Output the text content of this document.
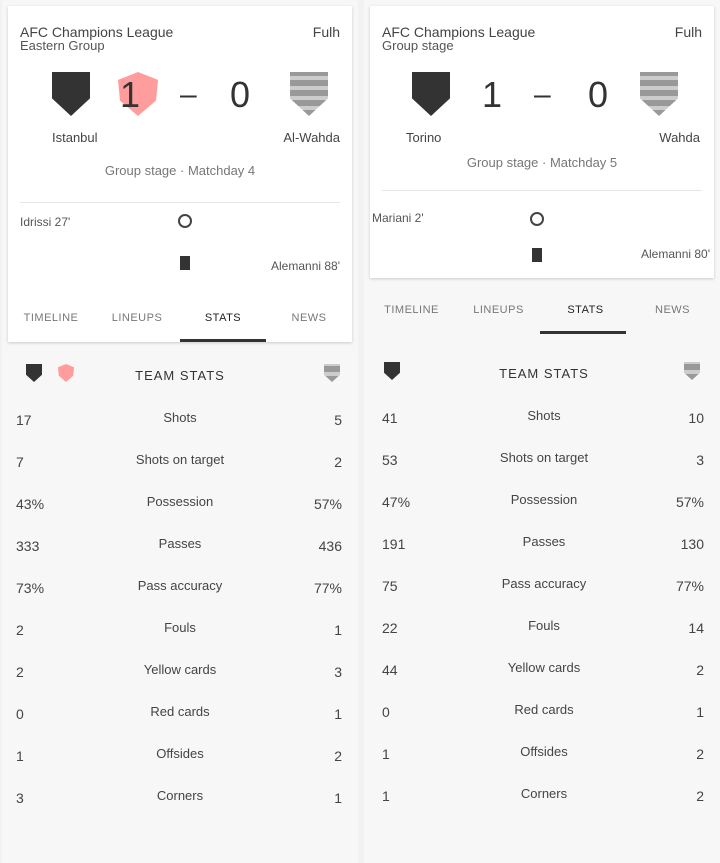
AFC Champions League	Fulh
Eastern Group
1 – 0
Istanbul	Al-Wahda
Group stage · Matchday 4
Idrissi 27'
Alemanni 88'
TIMELINE	LINEUPS	STATS	NEWS
TEAM STATS
17	Shots	5
7	Shots on target	2
43%	Possession	57%
333	Passes	436
73%	Pass accuracy	77%
2	Fouls	1
2	Yellow cards	3
0	Red cards	1
1	Offsides	2
3	Corners	1
AFC Champions League	Fulh
Group stage
1 – 0
Torino	Wahda
Group stage · Matchday 5
Mariani 2'
Alemanni 80'
TIMELINE	LINEUPS	STATS	NEWS
TEAM STATS
41	Shots	10
53	Shots on target	3
47%	Possession	57%
191	Passes	130
75	Pass accuracy	77%
22	Fouls	14
44	Yellow cards	2
0	Red cards	1
1	Offsides	2
1	Corners	2
